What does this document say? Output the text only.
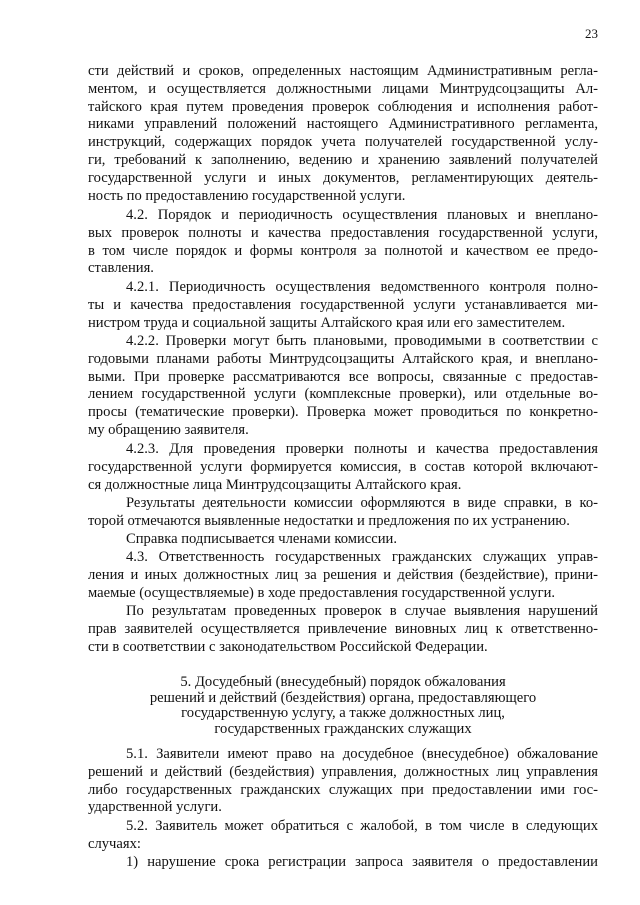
23
сти действий и сроков, определенных настоящим Административным регла-
ментом, и осуществляется должностными лицами Минтрудсоцзащиты Ал-
тайского края путем проведения проверок соблюдения и исполнения работ-
никами управлений положений настоящего Административного регламента,
инструкций, содержащих порядок учета получателей государственной услу-
ги, требований к заполнению, ведению и хранению заявлений получателей
государственной услуги и иных документов, регламентирующих деятель-
ность по предоставлению государственной услуги.
4.2. Порядок и периодичность осуществления плановых и внеплано-
вых проверок полноты и качества предоставления государственной услуги,
в том числе порядок и формы контроля за полнотой и качеством ее предо-
ставления.
4.2.1. Периодичность осуществления ведомственного контроля полно-
ты и качества предоставления государственной услуги устанавливается ми-
нистром труда и социальной защиты Алтайского края или его заместителем.
4.2.2. Проверки могут быть плановыми, проводимыми в соответствии с
годовыми планами работы Минтрудсоцзащиты Алтайского края, и внеплано-
выми. При проверке рассматриваются все вопросы, связанные с предостав-
лением государственной услуги (комплексные проверки), или отдельные во-
просы (тематические проверки). Проверка может проводиться по конкретно-
му обращению заявителя.
4.2.3. Для проведения проверки полноты и качества предоставления
государственной услуги формируется комиссия, в состав которой включают-
ся должностные лица Минтрудсоцзащиты Алтайского края.
Результаты деятельности комиссии оформляются в виде справки, в ко-
торой отмечаются выявленные недостатки и предложения по их устранению.
Справка подписывается членами комиссии.
4.3. Ответственность государственных гражданских служащих управ-
ления и иных должностных лиц за решения и действия (бездействие), прини-
маемые (осуществляемые) в ходе предоставления государственной услуги.
По результатам проведенных проверок в случае выявления нарушений
прав заявителей осуществляется привлечение виновных лиц к ответственно-
сти в соответствии с законодательством Российской Федерации.
5. Досудебный (внесудебный) порядок обжалования
решений и действий (бездействия) органа, предоставляющего
государственную услугу, а также должностных лиц,
государственных гражданских служащих
5.1. Заявители имеют право на досудебное (внесудебное) обжалование
решений и действий (бездействия) управления, должностных лиц управления
либо государственных гражданских служащих при предоставлении ими гос-
ударственной услуги.
5.2. Заявитель может обратиться с жалобой, в том числе в следующих
случаях:
1) нарушение срока регистрации запроса заявителя о предоставлении
